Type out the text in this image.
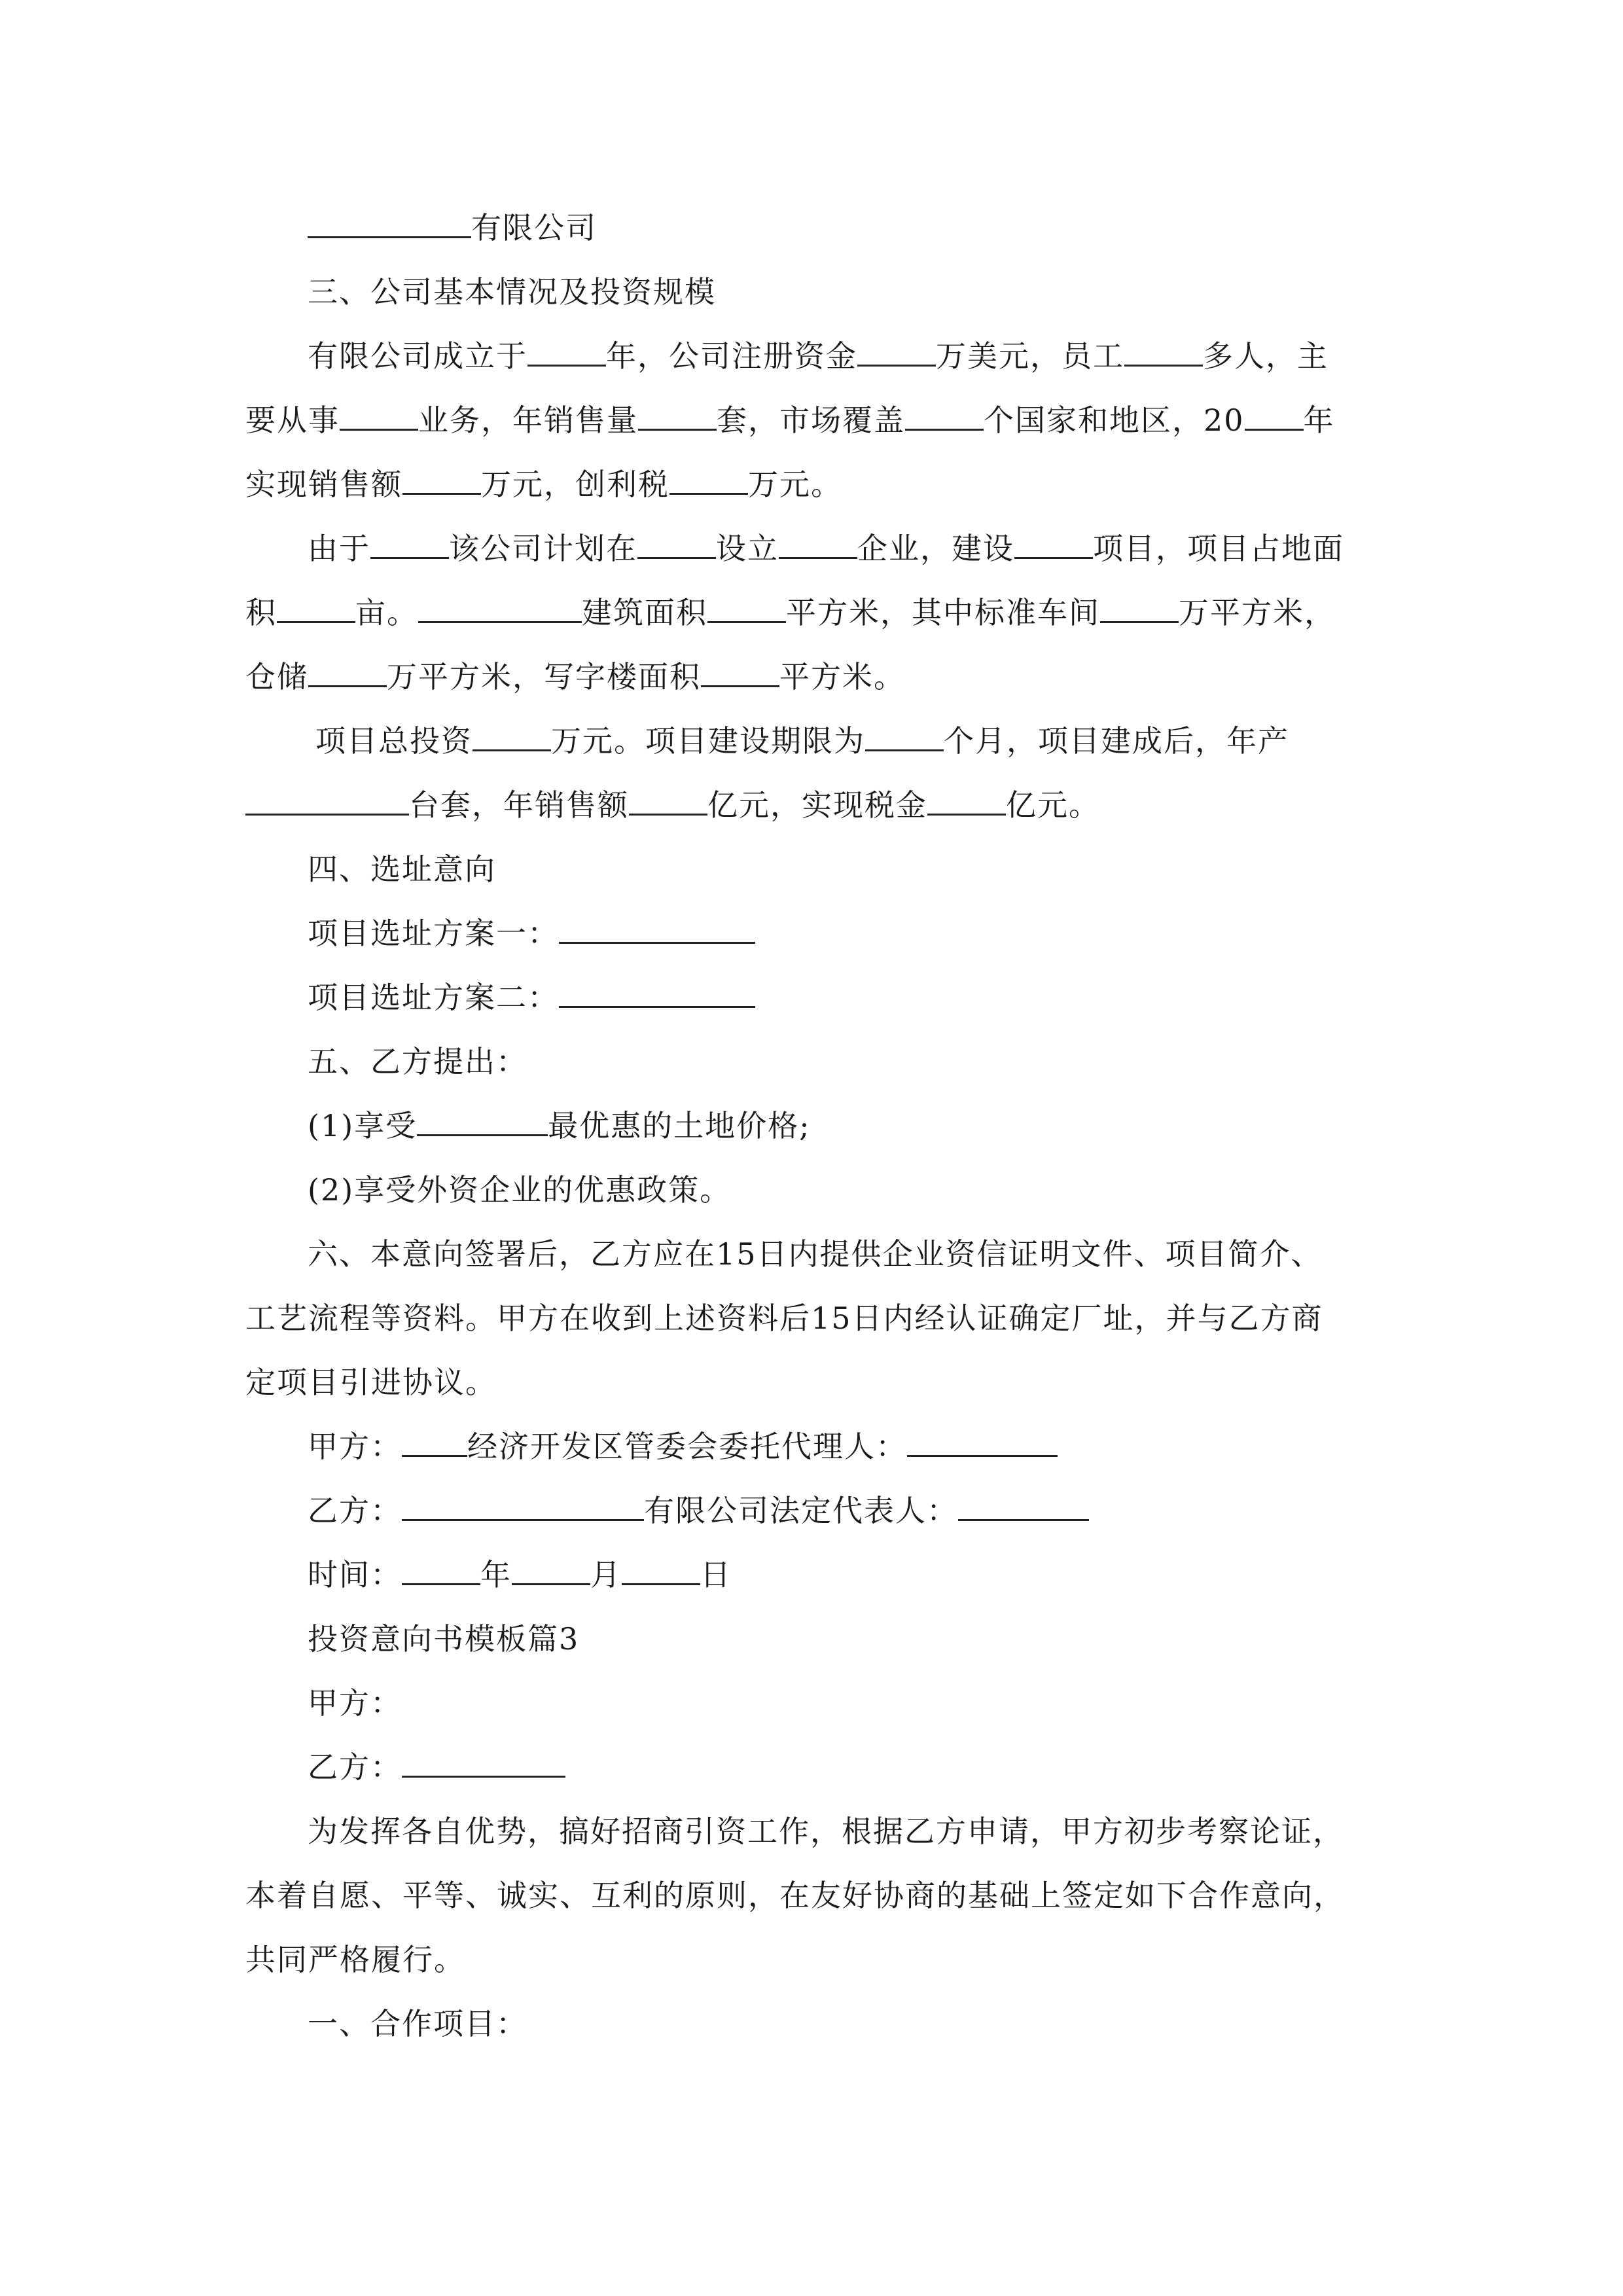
有限公司
三、公司基本情况及投资规模
有限公司成立于	年，公司注册资金	万美元，员工	多人，主
要从事	业务，年销售量	套，市场覆盖	个国家和地区，20 年
实现销售额	万元，创利税	万元。
由于	该公司计划在	设立	企业，建设	项目，项目占地面
积	亩。	建筑面积	平方米，其中标准车间	万平方米，
仓储	万平方米，写字楼面积	平方米。
项目总投资	万元。项目建设期限为	个月，项目建成后，年产
台套，年销售额	亿元，实现税金	亿元。
四、选址意向
项目选址方案一：
项目选址方案二：
五、乙方提出：
(1)享受	最优惠的土地价格;
(2)享受外资企业的优惠政策。
六、本意向签署后，乙方应在15日内提供企业资信证明文件、项目简介、
工艺流程等资料。甲方在收到上述资料后15日内经认证确定厂址，并与乙方商
定项目引进协议。
甲方： 经济开发区管委会委托代理人：
乙方：	有限公司法定代表人：
时间：	年	月	日
投资意向书模板篇3
甲方：
乙方：
为发挥各自优势，搞好招商引资工作，根据乙方申请，甲方初步考察论证，
本着自愿、平等、诚实、互利的原则，在友好协商的基础上签定如下合作意向，
共同严格履行。
一、合作项目：
